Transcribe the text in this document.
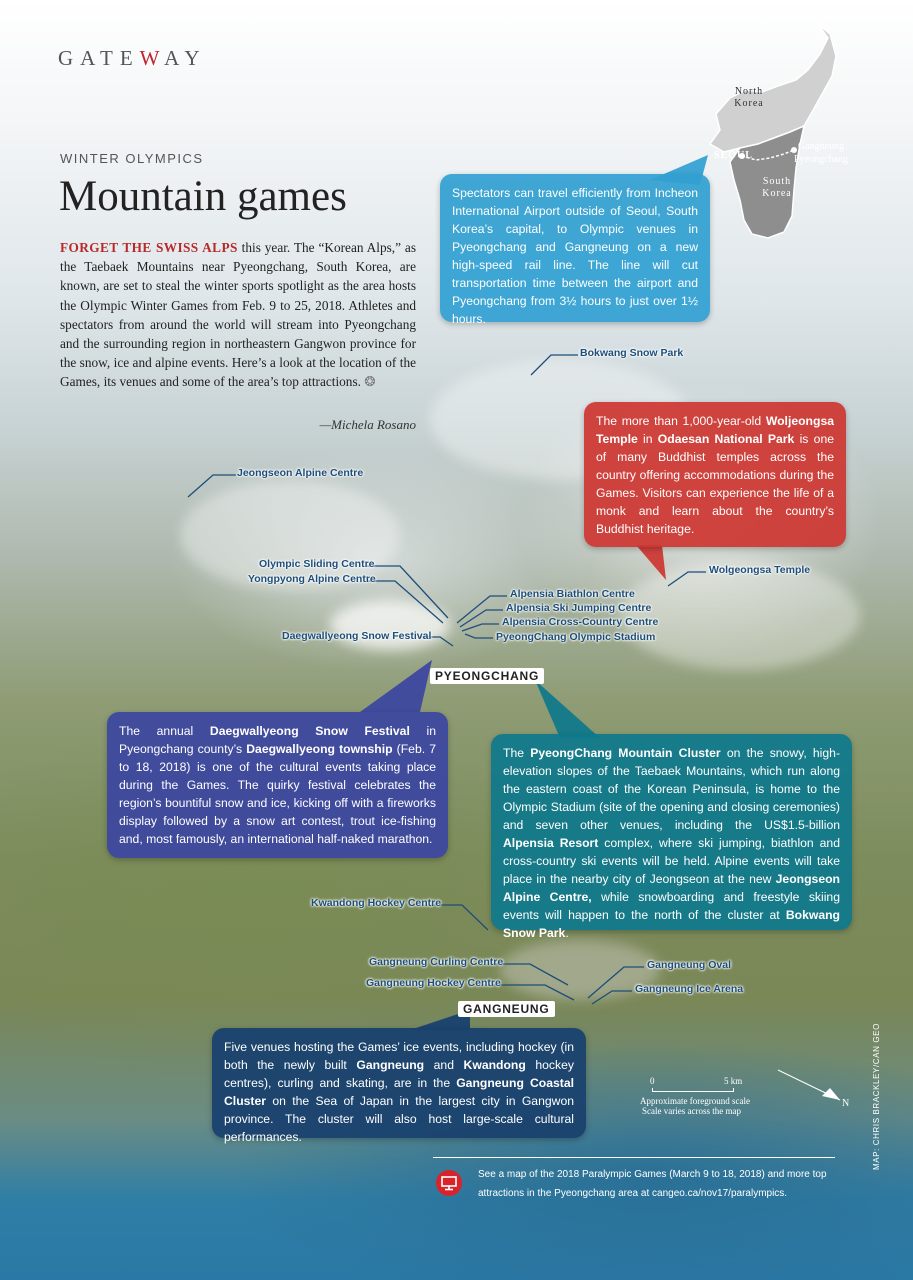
GATEWAY
WINTER OLYMPICS
Mountain games
FORGET THE SWISS ALPS this year. The “Korean Alps,” as the Taebaek Mountains near Pyeongchang, South Korea, are known, are set to steal the winter sports spotlight as the area hosts the Olympic Winter Games from Feb. 9 to 25, 2018. Athletes and spectators from around the world will stream into Pyeongchang and the surrounding region in northeastern Gangwon province for the snow, ice and alpine events. Here’s a look at the location of the Games, its venues and some of the area’s top attractions. ❂
—Michela Rosano
North Korea
South Korea
SEOUL
Gangneung
Pyeongchang
Spectators can travel efficiently from Incheon International Airport outside of Seoul, South Korea’s capital, to Olympic venues in Pyeongchang and Gangneung on a new high-speed rail line. The line will cut transportation time between the airport and Pyeongchang from 3½ hours to just over 1½ hours.
The more than 1,000-year-old Woljeongsa Temple in Odaesan National Park is one of many Buddhist temples across the country offering accommodations during the Games. Visitors can experience the life of a monk and learn about the country’s Buddhist heritage.
The annual Daegwallyeong Snow Festival in Pyeongchang county’s Daegwallyeong township (Feb. 7 to 18, 2018) is one of the cultural events taking place during the Games. The quirky festival celebrates the region’s bountiful snow and ice, kicking off with a fireworks display followed by a snow art contest, trout ice-fishing and, most famously, an international half-naked marathon.
The PyeongChang Mountain Cluster on the snowy, high-elevation slopes of the Taebaek Mountains, which run along the eastern coast of the Korean Peninsula, is home to the Olympic Stadium (site of the opening and closing ceremonies) and seven other venues, including the US$1.5-billion Alpensia Resort complex, where ski jumping, biathlon and cross-country ski events will be held. Alpine events will take place in the nearby city of Jeongseon at the new Jeongseon Alpine Centre, while snowboarding and freestyle skiing events will happen to the north of the cluster at Bokwang Snow Park.
Five venues hosting the Games’ ice events, including hockey (in both the newly built Gangneung and Kwandong hockey centres), curling and skating, are in the Gangneung Coastal Cluster on the Sea of Japan in the largest city in Gangwon province. The cluster will also host large-scale cultural performances.
Bokwang Snow Park
Jeongseon Alpine Centre
Olympic Sliding Centre
Yongpyong Alpine Centre
Alpensia Biathlon Centre
Alpensia Ski Jumping Centre
Alpensia Cross-Country Centre
PyeongChang Olympic Stadium
Daegwallyeong Snow Festival
Wolgeongsa Temple
Kwandong Hockey Centre
Gangneung Curling Centre
Gangneung Hockey Centre
Gangneung Oval
Gangneung Ice Arena
PYEONGCHANG
GANGNEUNG
0	5 km
Approximate foreground scale
Scale varies across the map
N
See a map of the 2018 Paralympic Games (March 9 to 18, 2018) and more top attractions in the Pyeongchang area at cangeo.ca/nov17/paralympics.
MAP: CHRIS BRACKLEY/CAN GEO
